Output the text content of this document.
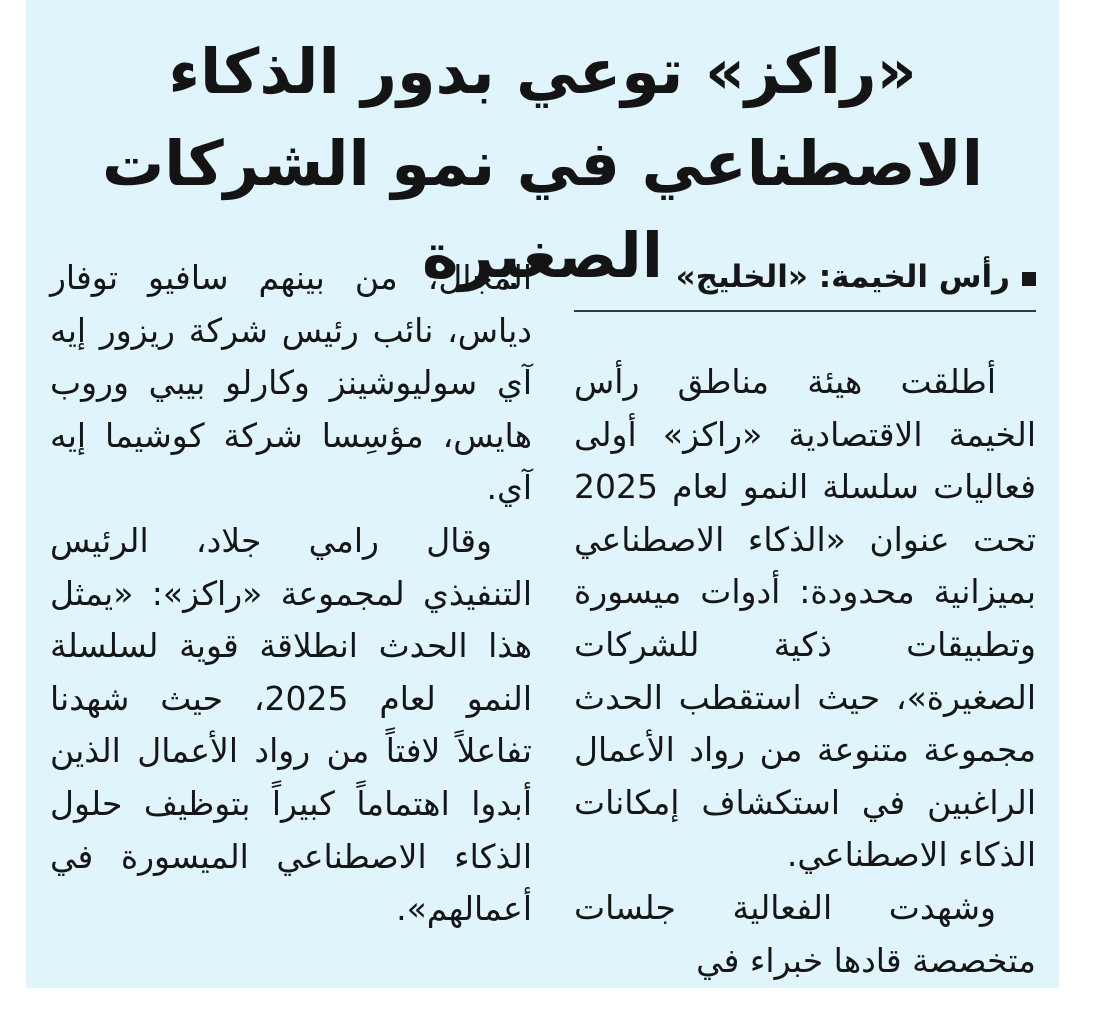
«راكز» توعي بدور الذكاء
الاصطناعي في نمو الشركات الصغيرة رأس الخيمة: «الخليج»

أطلقت هيئة مناطق رأس الخيمة الاقتصادية «راكز» أولى فعاليات سلسلة النمو لعام 2025 تحت عنوان «الذكاء الاصطناعي بميزانية محدودة: أدوات ميسورة وتطبيقات ذكية للشركات الصغيرة»، حيث استقطب الحدث مجموعة متنوعة من رواد الأعمال الراغبين في استكشاف إمكانات الذكاء الاصطناعي.

وشهدت الفعالية جلسات متخصصة قادها خبراء في

المجال، من بينهم سافيو توفار دياس، نائب رئيس شركة ريزور إيه آي سوليوشينز وكارلو بيبي وروب هايس، مؤسِسا شركة كوشيما إيه آي.

وقال رامي جلاد، الرئيس التنفيذي لمجموعة «راكز»: «يمثل هذا الحدث انطلاقة قوية لسلسلة النمو لعام 2025، حيث شهدنا تفاعلاً لافتاً من رواد الأعمال الذين أبدوا اهتماماً كبيراً بتوظيف حلول الذكاء الاصطناعي الميسورة في أعمالهم».
